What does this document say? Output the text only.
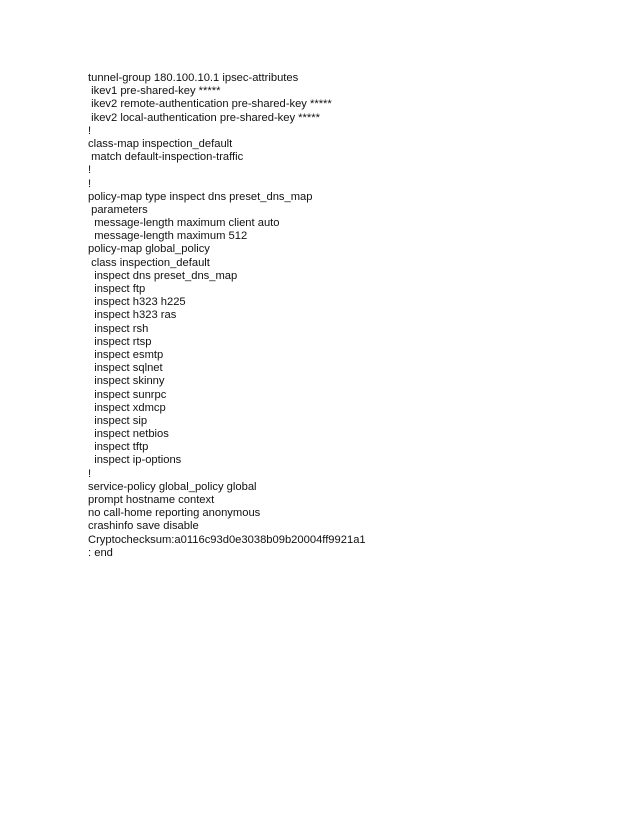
tunnel-group 180.100.10.1 ipsec-attributes
ikev1 pre-shared-key *****
ikev2 remote-authentication pre-shared-key *****
ikev2 local-authentication pre-shared-key *****
!
class-map inspection_default
match default-inspection-traffic
!
!
policy-map type inspect dns preset_dns_map
parameters
message-length maximum client auto
message-length maximum 512
policy-map global_policy
class inspection_default
inspect dns preset_dns_map
inspect ftp
inspect h323 h225
inspect h323 ras
inspect rsh
inspect rtsp
inspect esmtp
inspect sqlnet
inspect skinny
inspect sunrpc
inspect xdmcp
inspect sip
inspect netbios
inspect tftp
inspect ip-options
!
service-policy global_policy global
prompt hostname context
no call-home reporting anonymous
crashinfo save disable
Cryptochecksum:a0116c93d0e3038b09b20004ff9921a1
: end
